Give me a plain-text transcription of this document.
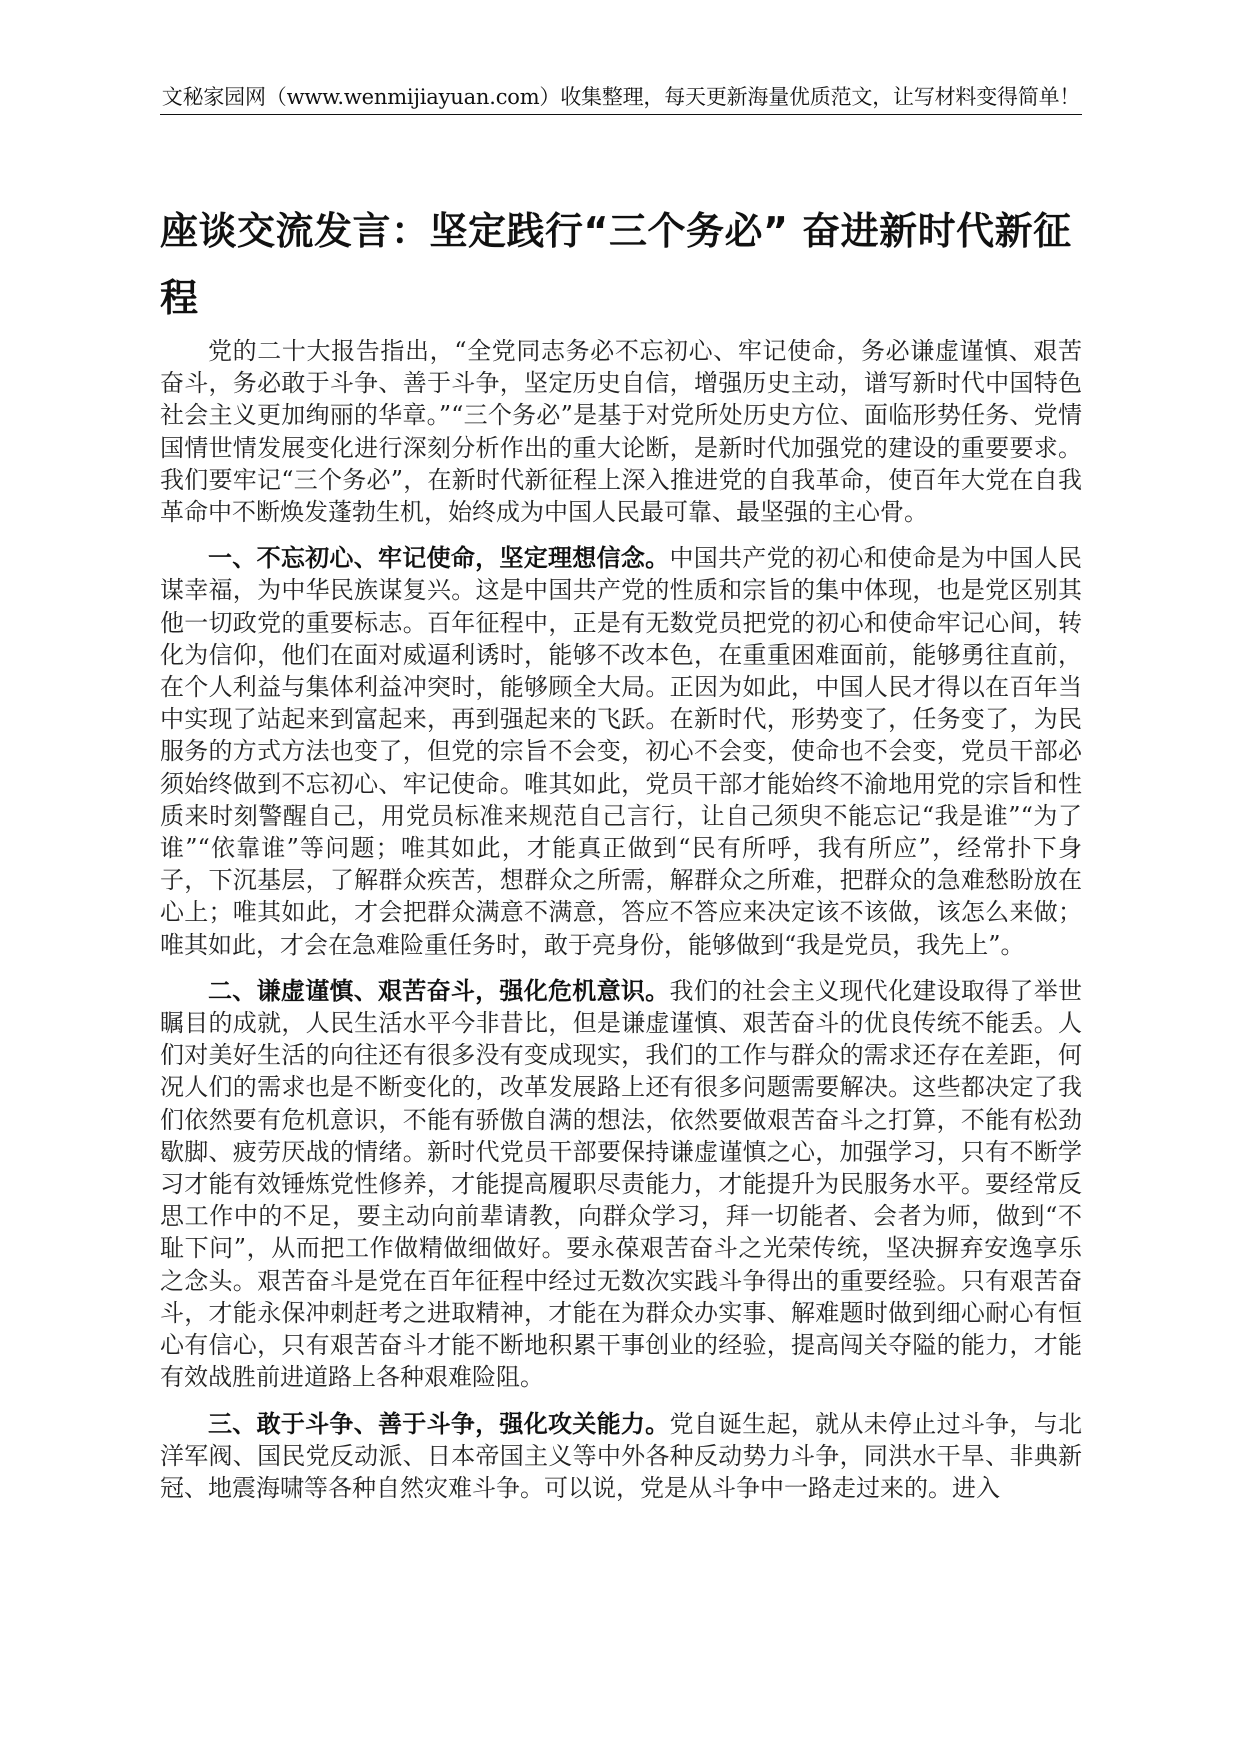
文秘家园网（www.wenmijiayuan.com）收集整理，每天更新海量优质范文，让写材料变得简单！
座谈交流发言：坚定践行“三个务必” 奋进新时代新征程

党的二十大报告指出，“全党同志务必不忘初心、牢记使命，务必谦虚谨慎、艰苦奋斗，务必敢于斗争、善于斗争，坚定历史自信，增强历史主动，谱写新时代中国特色社会主义更加绚丽的华章。”“三个务必”是基于对党所处历史方位、面临形势任务、党情国情世情发展变化进行深刻分析作出的重大论断，是新时代加强党的建设的重要要求。我们要牢记“三个务必”，在新时代新征程上深入推进党的自我革命，使百年大党在自我革命中不断焕发蓬勃生机，始终成为中国人民最可靠、最坚强的主心骨。

一、不忘初心、牢记使命，坚定理想信念。中国共产党的初心和使命是为中国人民谋幸福，为中华民族谋复兴。这是中国共产党的性质和宗旨的集中体现，也是党区别其他一切政党的重要标志。百年征程中，正是有无数党员把党的初心和使命牢记心间，转化为信仰，他们在面对威逼利诱时，能够不改本色，在重重困难面前，能够勇往直前，在个人利益与集体利益冲突时，能够顾全大局。正因为如此，中国人民才得以在百年当中实现了站起来到富起来，再到强起来的飞跃。在新时代，形势变了，任务变了，为民服务的方式方法也变了，但党的宗旨不会变，初心不会变，使命也不会变，党员干部必须始终做到不忘初心、牢记使命。唯其如此，党员干部才能始终不渝地用党的宗旨和性质来时刻警醒自己，用党员标准来规范自己言行，让自己须臾不能忘记“我是谁”“为了谁”“依靠谁”等问题；唯其如此，才能真正做到“民有所呼，我有所应”，经常扑下身子，下沉基层，了解群众疾苦，想群众之所需，解群众之所难，把群众的急难愁盼放在心上；唯其如此，才会把群众满意不满意，答应不答应来决定该不该做，该怎么来做；唯其如此，才会在急难险重任务时，敢于亮身份，能够做到“我是党员，我先上”。

二、谦虚谨慎、艰苦奋斗，强化危机意识。我们的社会主义现代化建设取得了举世瞩目的成就，人民生活水平今非昔比，但是谦虚谨慎、艰苦奋斗的优良传统不能丢。人们对美好生活的向往还有很多没有变成现实，我们的工作与群众的需求还存在差距，何况人们的需求也是不断变化的，改革发展路上还有很多问题需要解决。这些都决定了我们依然要有危机意识，不能有骄傲自满的想法，依然要做艰苦奋斗之打算，不能有松劲歇脚、疲劳厌战的情绪。新时代党员干部要保持谦虚谨慎之心，加强学习，只有不断学习才能有效锤炼党性修养，才能提高履职尽责能力，才能提升为民服务水平。要经常反思工作中的不足，要主动向前辈请教，向群众学习，拜一切能者、会者为师，做到“不耻下问”，从而把工作做精做细做好。要永葆艰苦奋斗之光荣传统，坚决摒弃安逸享乐之念头。艰苦奋斗是党在百年征程中经过无数次实践斗争得出的重要经验。只有艰苦奋斗，才能永保冲刺赶考之进取精神，才能在为群众办实事、解难题时做到细心耐心有恒心有信心，只有艰苦奋斗才能不断地积累干事创业的经验，提高闯关夺隘的能力，才能有效战胜前进道路上各种艰难险阻。

三、敢于斗争、善于斗争，强化攻关能力。党自诞生起，就从未停止过斗争，与北洋军阀、国民党反动派、日本帝国主义等中外各种反动势力斗争，同洪水干旱、非典新冠、地震海啸等各种自然灾难斗争。可以说，党是从斗争中一路走过来的。进入
